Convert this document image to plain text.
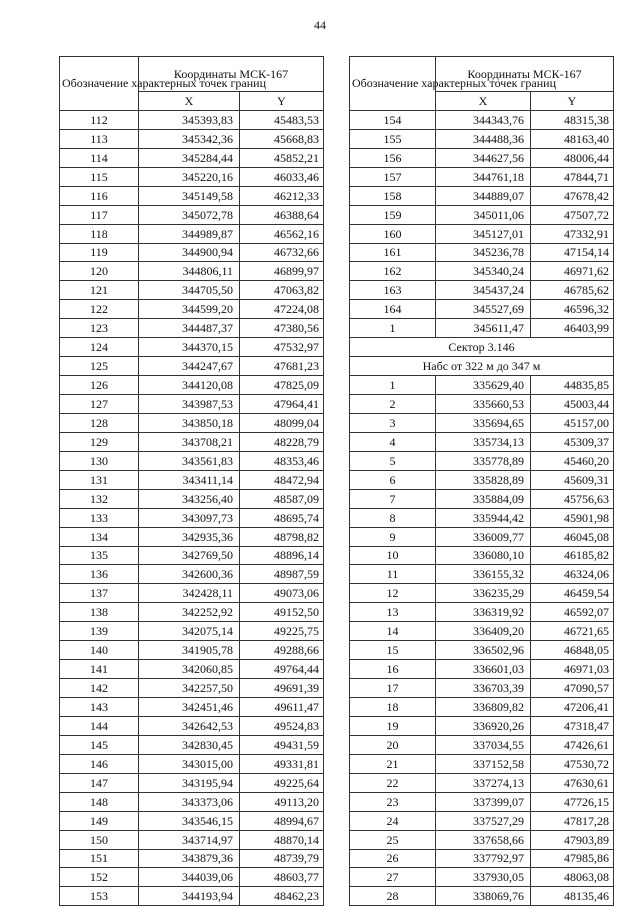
44
Обозначение характерных точек границ	Координаты МСК-167	
	X	Y
112	345393,83	45483,53
113	345342,36	45668,83
114	345284,44	45852,21
115	345220,16	46033,46
116	345149,58	46212,33
117	345072,78	46388,64
118	344989,87	46562,16
119	344900,94	46732,66
120	344806,11	46899,97
121	344705,50	47063,82
122	344599,20	47224,08
123	344487,37	47380,56
124	344370,15	47532,97
125	344247,67	47681,23
126	344120,08	47825,09
127	343987,53	47964,41
128	343850,18	48099,04
129	343708,21	48228,79
130	343561,83	48353,46
131	343411,14	48472,94
132	343256,40	48587,09
133	343097,73	48695,74
134	342935,36	48798,82
135	342769,50	48896,14
136	342600,36	48987,59
137	342428,11	49073,06
138	342252,92	49152,50
139	342075,14	49225,75
140	341905,78	49288,66
141	342060,85	49764,44
142	342257,50	49691,39
143	342451,46	49611,47
144	342642,53	49524,83
145	342830,45	49431,59
146	343015,00	49331,81
147	343195,94	49225,64
148	343373,06	49113,20
149	343546,15	48994,67
150	343714,97	48870,14
151	343879,36	48739,79
152	344039,06	48603,77
153	344193,94	48462,23
Обозначение характерных точек границ	Координаты МСК-167	
	X	Y
154	344343,76	48315,38
155	344488,36	48163,40
156	344627,56	48006,44
157	344761,18	47844,71
158	344889,07	47678,42
159	345011,06	47507,72
160	345127,01	47332,91
161	345236,78	47154,14
162	345340,24	46971,62
163	345437,24	46785,62
164	345527,69	46596,32
1	345611,47	46403,99
Сектор 3.146		
Набс от 322 м до 347 м		
1	335629,40	44835,85
2	335660,53	45003,44
3	335694,65	45157,00
4	335734,13	45309,37
5	335778,89	45460,20
6	335828,89	45609,31
7	335884,09	45756,63
8	335944,42	45901,98
9	336009,77	46045,08
10	336080,10	46185,82
11	336155,32	46324,06
12	336235,29	46459,54
13	336319,92	46592,07
14	336409,20	46721,65
15	336502,96	46848,05
16	336601,03	46971,03
17	336703,39	47090,57
18	336809,82	47206,41
19	336920,26	47318,47
20	337034,55	47426,61
21	337152,58	47530,72
22	337274,13	47630,61
23	337399,07	47726,15
24	337527,29	47817,28
25	337658,66	47903,89
26	337792,97	47985,86
27	337930,05	48063,08
28	338069,76	48135,46
